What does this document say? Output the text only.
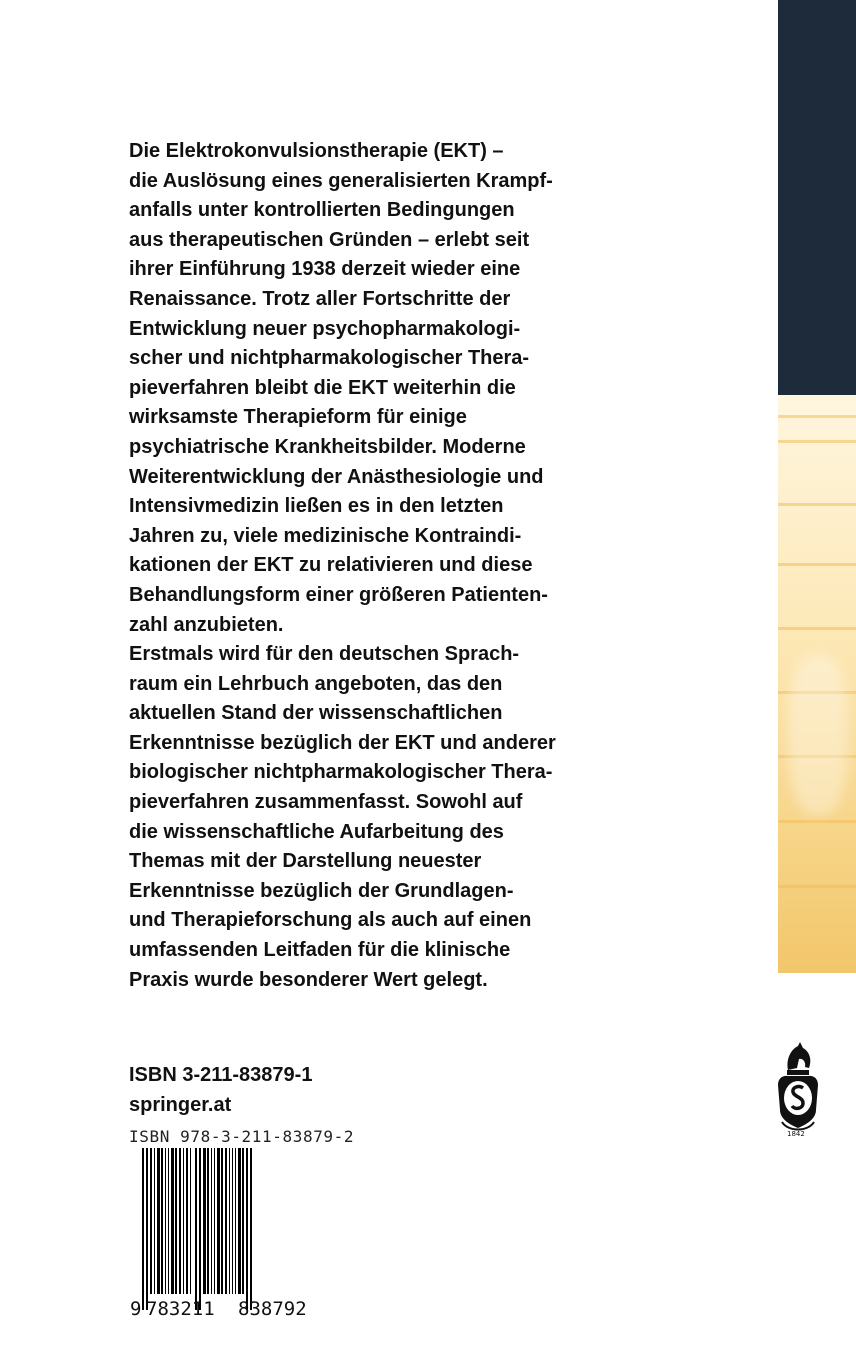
Die Elektrokonvulsionstherapie (EKT) –
die Auslösung eines generalisierten Krampf-
anfalls unter kontrollierten Bedingungen
aus therapeutischen Gründen – erlebt seit
ihrer Einführung 1938 derzeit wieder eine
Renaissance. Trotz aller Fortschritte der
Entwicklung neuer psychopharmakologi-
scher und nichtpharmakologischer Thera-
pieverfahren bleibt die EKT weiterhin die
wirksamste Therapieform für einige
psychiatrische Krankheitsbilder. Moderne
Weiterentwicklung der Anästhesiologie und
Intensivmedizin ließen es in den letzten
Jahren zu, viele medizinische Kontraindi-
kationen der EKT zu relativieren und diese
Behandlungsform einer größeren Patienten-
zahl anzubieten.
Erstmals wird für den deutschen Sprach-
raum ein Lehrbuch angeboten, das den
aktuellen Stand der wissenschaftlichen
Erkenntnisse bezüglich der EKT und anderer
biologischer nichtpharmakologischer Thera-
pieverfahren zusammenfasst. Sowohl auf
die wissenschaftliche Aufarbeitung des
Themas mit der Darstellung neuester
Erkenntnisse bezüglich der Grundlagen-
und Therapieforschung als auch auf einen
umfassenden Leitfaden für die klinische
Praxis wurde besonderer Wert gelegt.
ISBN 3-211-83879-1
springer.at
ISBN 978-3-211-83879-2
9 783211 838792
1842
